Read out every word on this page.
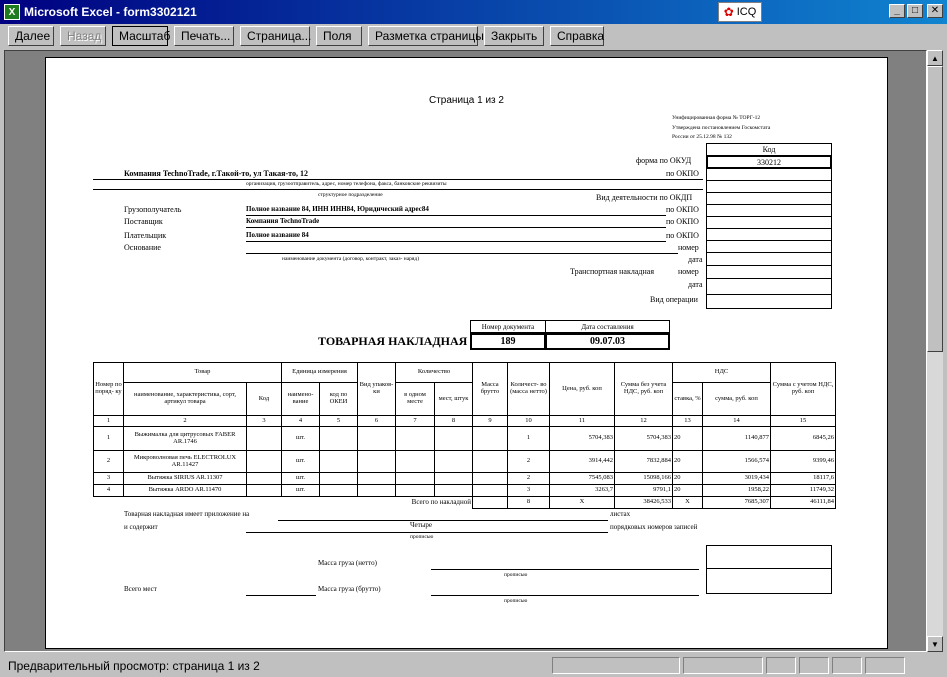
X Microsoft Excel - form3302121	✿ ICQ	_	□	✕
Далее	Назад	Масштаб Печать...	Страница... Поля	Разметка страницы Закрыть	Справка
▲
▼
Страница 1 из 2
Унифицированная форма № ТОРГ-12
Утверждена постановлением Госкомстата
России от 25.12.98 № 132
Код
330212
форма по ОКУД
по ОКПО
Компания TechnoTrade, г.Такой-то, ул Такая-то, 12
организация, грузоотправитель, адрес, номер телефона, факса, банковские реквизиты
структурное подразделение	Вид деятельности по ОКДП
Грузополучатель	Полное название 84, ИНН ИНН84, Юридический адрес84	по ОКПО
Поставщик	Компания TechnoTrade	по ОКПО
Плательщик	Полное название 84	по ОКПО
Основание	номер
наименование документа (договор, контракт, заказ- наряд)	дата
Транспортная накладная	номер
дата
Вид операции
ТОВАРНАЯ НАКЛАДНАЯ
Номер документа	Дата составления
189	09.07.03
Номер по поряд- ку	Товар		Единица измерения		Вид упаков- ки	Количество		Масса брутто	Количест- во (масса нетто)	Цена, руб. коп	Сумма без учета НДС, руб. коп	НДС		Сумма с учетом НДС, руб. коп
	наименование, характеристика, сорт, артикул товара	Код	наимено- вание	код по ОКЕИ		в одном месте	мест, штук					ставка, %	сумма, руб. коп	
1	2	3	4	5	6	7	8	9	10	11	12	13	14	15
1	Выжималка для цитрусовых FABER AR.1746		шт.						1	5704,383	5704,383	20	1140,877	6845,26
2	Микроволновая печь ELECTROLUX AR.11427		шт.						2	3914,442	7832,884	20	1566,574	9399,46
3	Вытяжка SIRIUS AR.11307		шт.						2	7545,083	15098,166	20	3019,434	18117,6
4	Вытяжка ARDO AR.11470		шт.						3	3263,7	9791,1	20	1958,22	11749,32
Всего по накладной									8	X	38426,533	X	7685,307	46111,84
Товарная накладная имеет приложение на	листах
и содержит	Четыре	порядковых номеров записей
прописью
Масса груза (нетто)
прописью
Всего мест	Масса груза (брутто)
прописью
Предварительный просмотр: страница 1 из 2
